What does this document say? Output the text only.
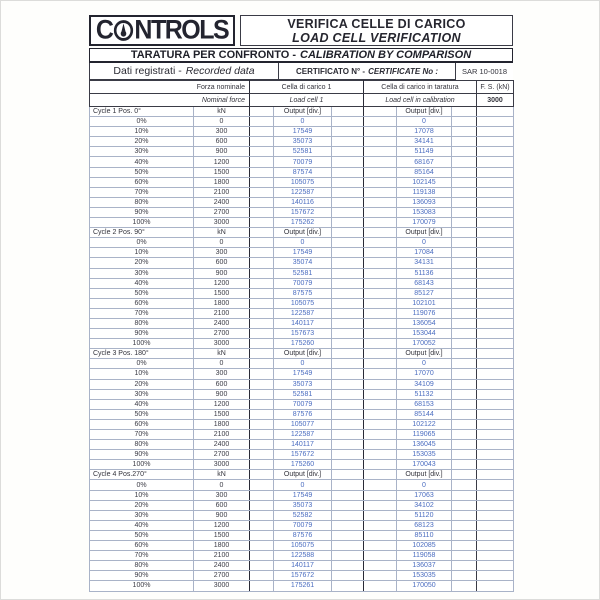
C NTROLS	VERIFICA CELLE DI CARICO
LOAD CELL VERIFICATION
TARATURA PER CONFRONTO - CALIBRATION BY COMPARISON
Dati registrati - Recorded data	CERTIFICATO N° - CERTIFICATE No :	SAR 10-0018
Forza nominale		Cella di carico 1			Cella di carico in taratura			F. S. (kN)
Nominal force		Load cell 1			Load cell in calibration			3000
Cycle 1 Pos. 0°	kN		Output [div.]			Output [div.]		
0%	0		0			0		
10%	300		17549			17078		
20%	600		35073			34141		
30%	900		52581			51149		
40%	1200		70079			68167		
50%	1500		87574			85164		
60%	1800		105075			102145		
70%	2100		122587			119138		
80%	2400		140116			136093		
90%	2700		157672			153083		
100%	3000		175262			170079		
Cycle 2 Pos. 90°	kN		Output [div.]			Output [div.]		
0%	0		0			0		
10%	300		17549			17084		
20%	600		35074			34131		
30%	900		52581			51136		
40%	1200		70079			68143		
50%	1500		87575			85127		
60%	1800		105075			102101		
70%	2100		122587			119076		
80%	2400		140117			136054		
90%	2700		157673			153044		
100%	3000		175260			170052		
Cycle 3 Pos. 180°	kN		Output [div.]			Output [div.]		
0%	0		0			0		
10%	300		17549			17070		
20%	600		35073			34109		
30%	900		52581			51132		
40%	1200		70079			68153		
50%	1500		87576			85144		
60%	1800		105077			102122		
70%	2100		122587			119065		
80%	2400		140117			136045		
90%	2700		157672			153035		
100%	3000		175260			170043		
Cycle 4 Pos.270°	kN		Output [div.]			Output [div.]		
0%	0		0			0		
10%	300		17549			17063		
20%	600		35073			34102		
30%	900		52582			51120		
40%	1200		70079			68123		
50%	1500		87576			85110		
60%	1800		105075			102085		
70%	2100		122588			119058		
80%	2400		140117			136037		
90%	2700		157672			153035		
100%	3000		175261			170050		
